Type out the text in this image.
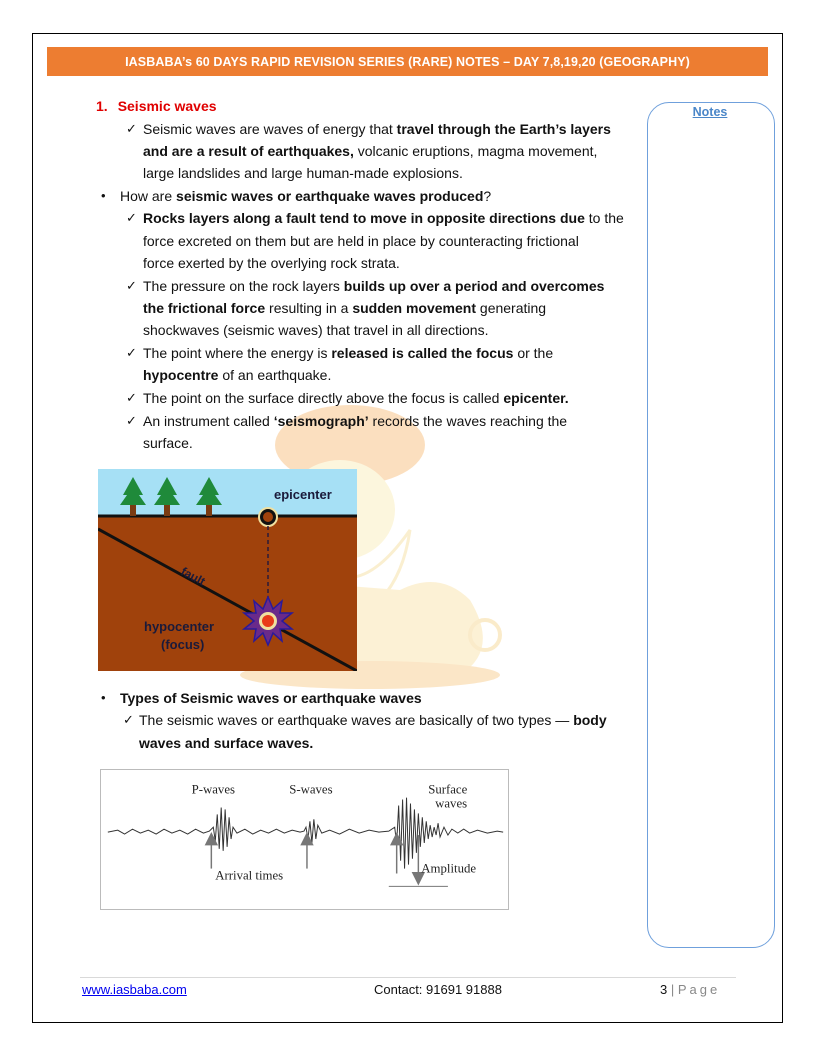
IASBABA’s 60 DAYS RAPID REVISION SERIES (RARE) NOTES – DAY 7,8,19,20 (GEOGRAPHY)
1. Seismic waves
✓ Seismic waves are waves of energy that travel through the Earth’s layers
and are a result of earthquakes, volcanic eruptions, magma movement,
large landslides and large human-made explosions.
• How are seismic waves or earthquake waves produced?
✓ Rocks layers along a fault tend to move in opposite directions due to the
force excreted on them but are held in place by counteracting frictional
force exerted by the overlying rock strata.
✓ The pressure on the rock layers builds up over a period and overcomes
the frictional force resulting in a sudden movement generating
shockwaves (seismic waves) that travel in all directions.
✓ The point where the energy is released is called the focus or the
hypocentre of an earthquake.
✓ The point on the surface directly above the focus is called epicenter.
✓ An instrument called ‘seismograph’ records the waves reaching the
surface.
epicenter
fault
hypocenter
(focus)
• Types of Seismic waves or earthquake waves
✓ The seismic waves or earthquake waves are basically of two types — body
waves and surface waves.
P-waves	S-waves	Surface
waves
Arrival times	Amplitude
Notes
www.iasbaba.com	Contact: 91691 91888	3 | Page
